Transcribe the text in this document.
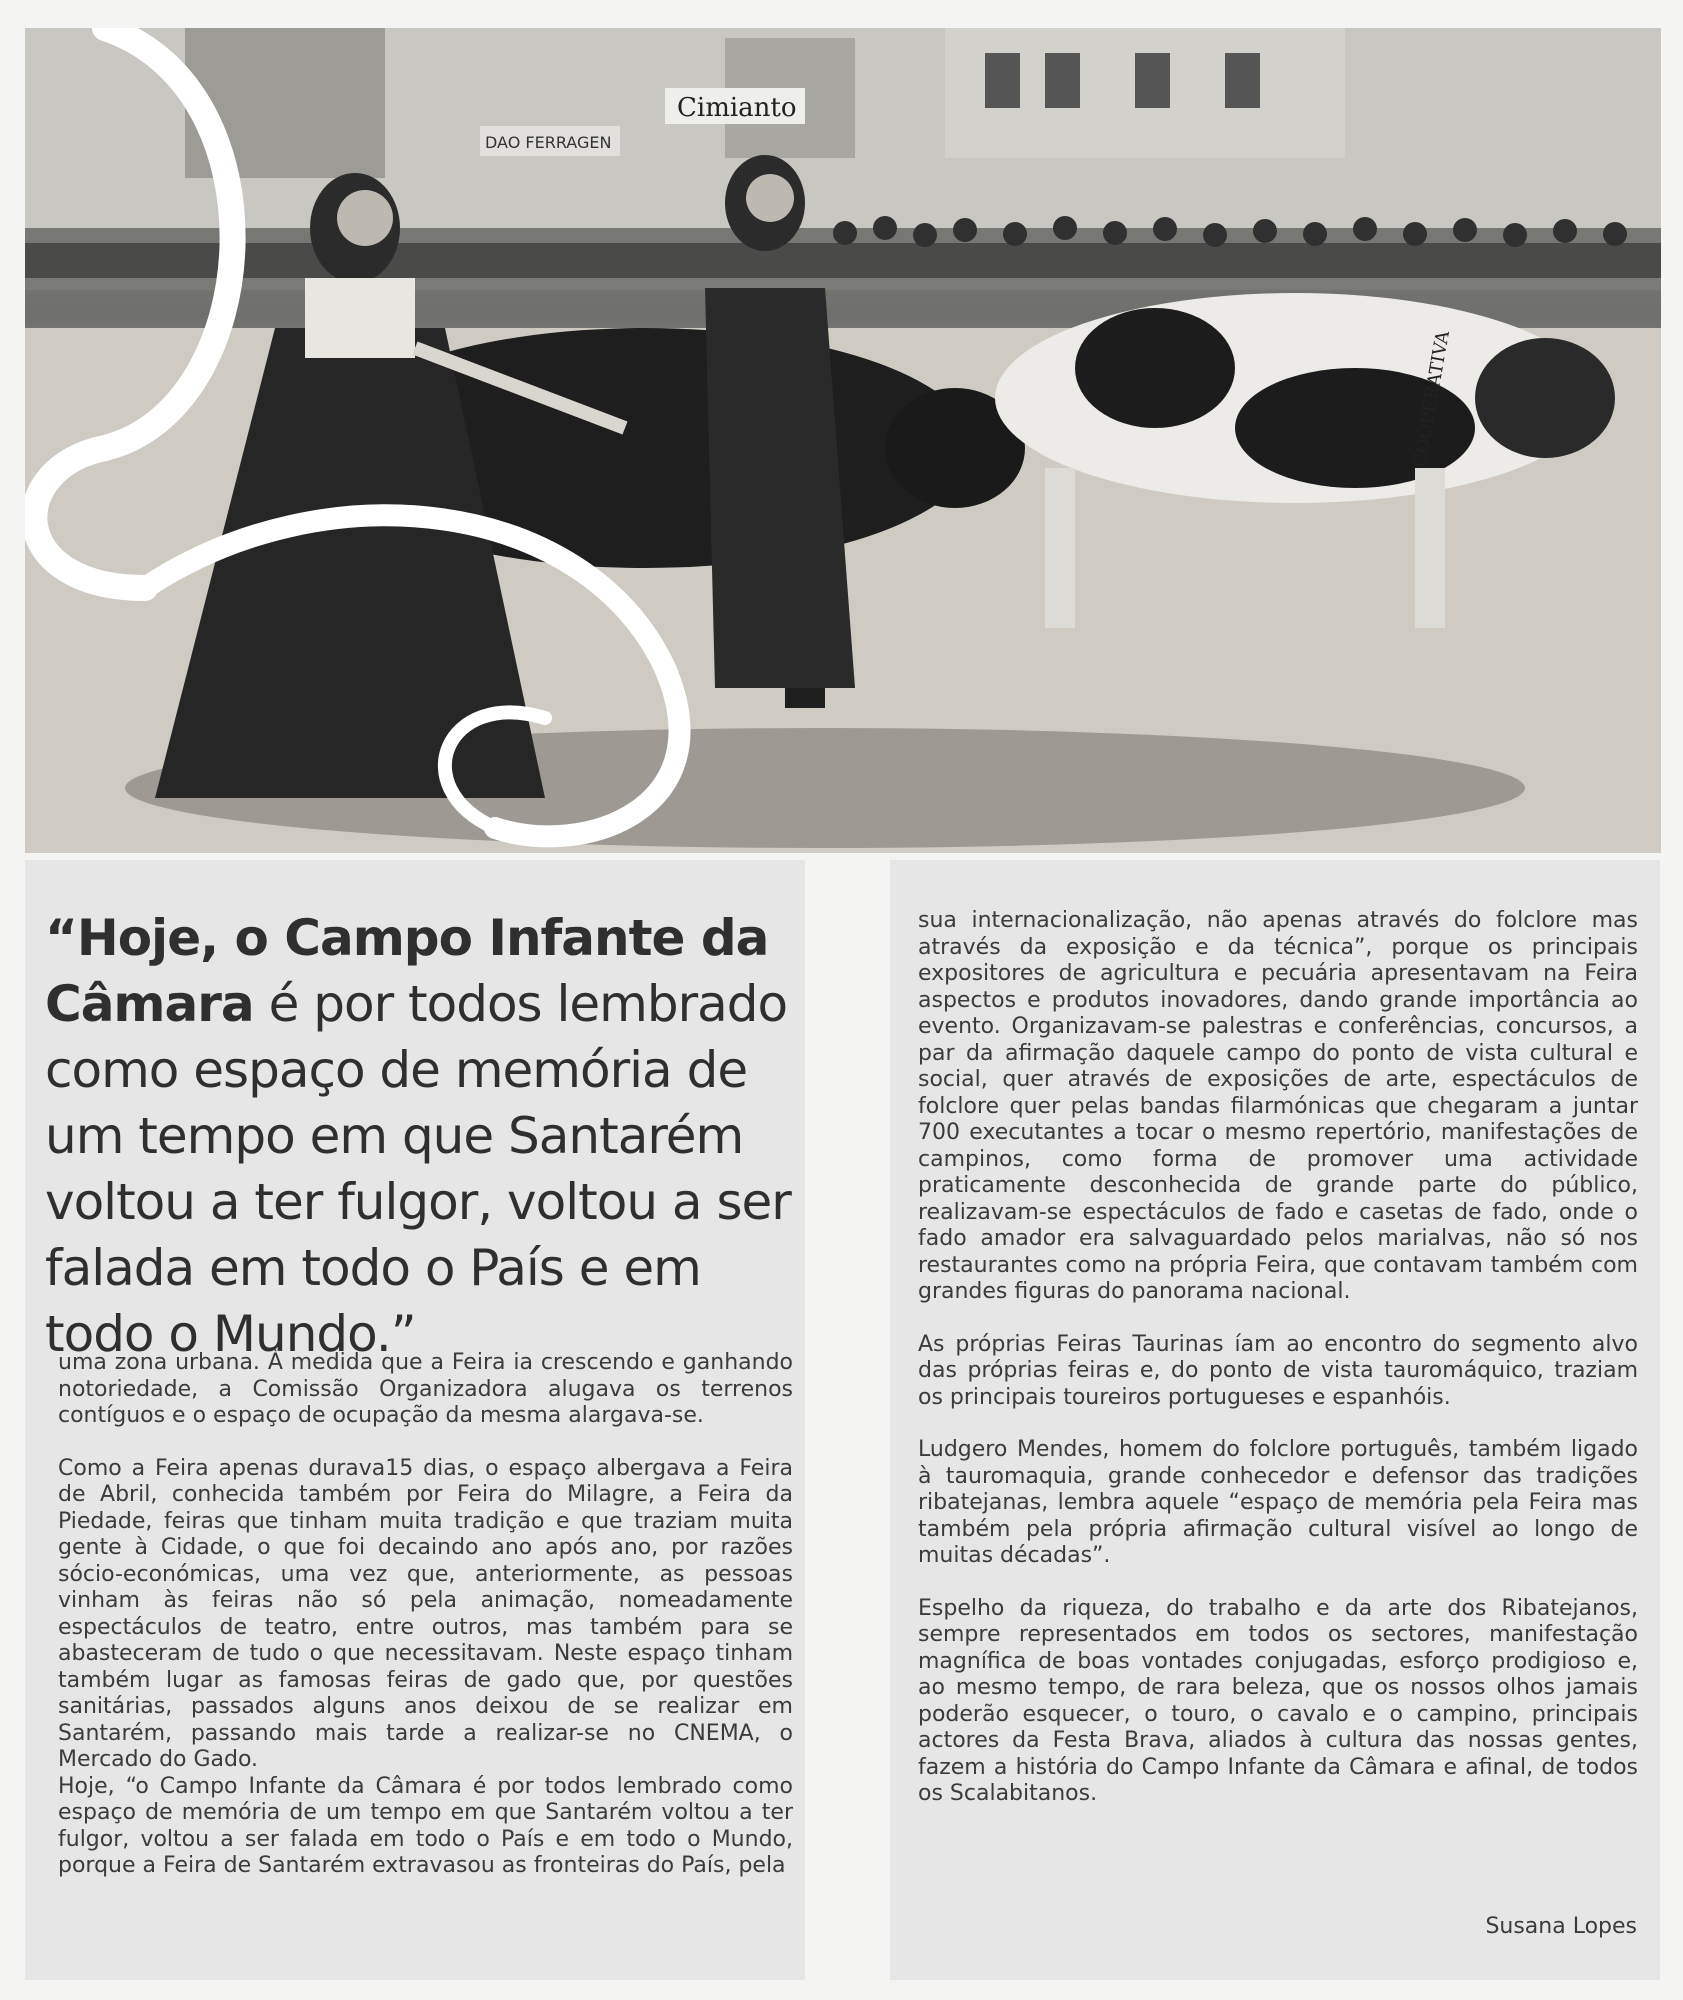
Cimianto
DAO FERRAGEN
COOPERATIVA
“Hoje, o Campo Infante da Câmara é por todos lembrado como espaço de memória de um tempo em que Santarém voltou a ter fulgor, voltou a ser falada em todo o País e em todo o Mundo.”

uma zona urbana. À medida que a Feira ia crescendo e ganhando notoriedade, a Comissão Organizadora alugava os terrenos contíguos e o espaço de ocupação da mesma alargava-se.

Como a Feira apenas durava15 dias, o espaço albergava a Feira de Abril, conhecida também por Feira do Milagre, a Feira da Piedade, feiras que tinham muita tradição e que traziam muita gente à Cidade, o que foi decaindo ano após ano, por razões sócio-económicas, uma vez que, anteriormente, as pessoas vinham às feiras não só pela animação, nomeadamente espectáculos de teatro, entre outros, mas também para se abasteceram de tudo o que necessitavam. Neste espaço tinham também lugar as famosas feiras de gado que, por questões sanitárias, passados alguns anos deixou de se realizar em Santarém, passando mais tarde a realizar-se no CNEMA, o Mercado do Gado.

Hoje, “o Campo Infante da Câmara é por todos lembrado como espaço de memória de um tempo em que Santarém voltou a ter fulgor, voltou a ser falada em todo o País e em todo o Mundo, porque a Feira de Santarém extravasou as fronteiras do País, pela

sua internacionalização, não apenas através do folclore mas através da exposição e da técnica”, porque os principais expositores de agricultura e pecuária apresentavam na Feira aspectos e produtos inovadores, dando grande importância ao evento. Organizavam-se palestras e conferências, concursos, a par da afirmação daquele campo do ponto de vista cultural e social, quer através de exposições de arte, espectáculos de folclore quer pelas bandas filarmónicas que chegaram a juntar 700 executantes a tocar o mesmo repertório, manifestações de campinos, como forma de promover uma actividade praticamente desconhecida de grande parte do público, realizavam-se espectáculos de fado e casetas de fado, onde o fado amador era salvaguardado pelos marialvas, não só nos restaurantes como na própria Feira, que contavam também com grandes figuras do panorama nacional.

As próprias Feiras Taurinas íam ao encontro do segmento alvo das próprias feiras e, do ponto de vista tauromáquico, traziam os principais toureiros portugueses e espanhóis.

Ludgero Mendes, homem do folclore português, também ligado à tauromaquia, grande conhecedor e defensor das tradições ribatejanas, lembra aquele “espaço de memória pela Feira mas também pela própria afirmação cultural visível ao longo de muitas décadas”.

Espelho da riqueza, do trabalho e da arte dos Ribatejanos, sempre representados em todos os sectores, manifestação magnífica de boas vontades conjugadas, esforço prodigioso e, ao mesmo tempo, de rara beleza, que os nossos olhos jamais poderão esquecer, o touro, o cavalo e o campino, principais actores da Festa Brava, aliados à cultura das nossas gentes, fazem a história do Campo Infante da Câmara e afinal, de todos os Scalabitanos.

Susana Lopes
